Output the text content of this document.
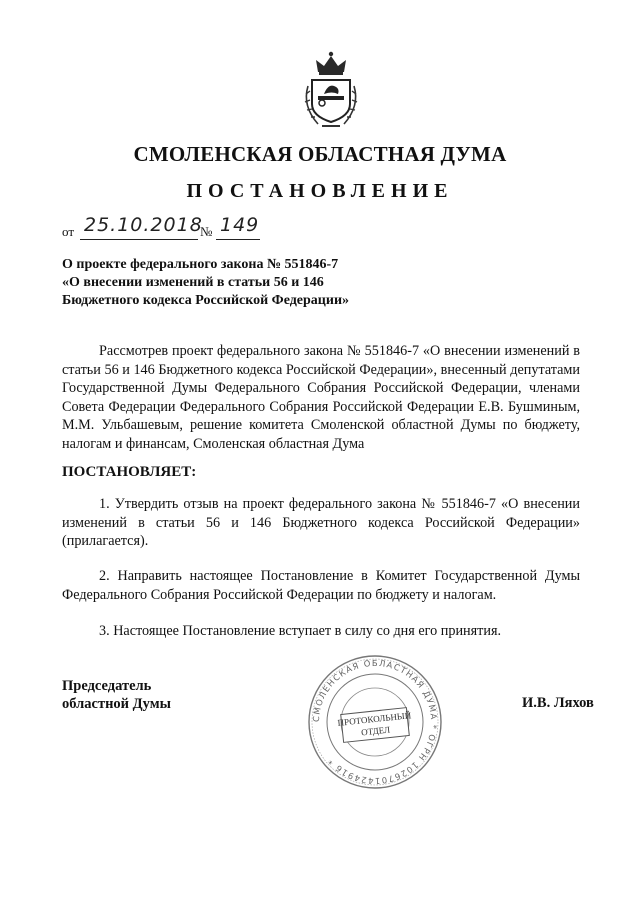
СМОЛЕНСКАЯ ОБЛАСТНАЯ ДУМА
ПОСТАНОВЛЕНИЕ
от 25.10.2018
№ 149
О проекте федерального закона № 551846-7
«О внесении изменений в статьи 56 и 146
Бюджетного кодекса Российской Федерации»
Рассмотрев проект федерального закона № 551846-7 «О внесении изменений в статьи 56 и 146 Бюджетного кодекса Российской Федерации», внесенный депутатами Государственной Думы Федерального Собрания Российской Федерации, членами Совета Федерации Федерального Собрания Российской Федерации Е.В. Бушминым, М.М. Ульбашевым, решение комитета Смоленской областной Думы по бюджету, налогам и финансам, Смоленская областная Дума
ПОСТАНОВЛЯЕТ:
1. Утвердить отзыв на проект федерального закона № 551846-7 «О внесении изменений в статьи 56 и 146 Бюджетного кодекса Российской Федерации» (прилагается).
2. Направить настоящее Постановление в Комитет Государственной Думы Федерального Собрания Российской Федерации по бюджету и налогам.
3. Настоящее Постановление вступает в силу со дня его принятия.
Председатель
областной Думы	И.В. Ляхов
СМОЛЕНСКАЯ ОБЛАСТНАЯ ДУМА * ОГРН 1026701424916 *
ПРОТОКОЛЬНЫЙ
ОТДЕЛ
